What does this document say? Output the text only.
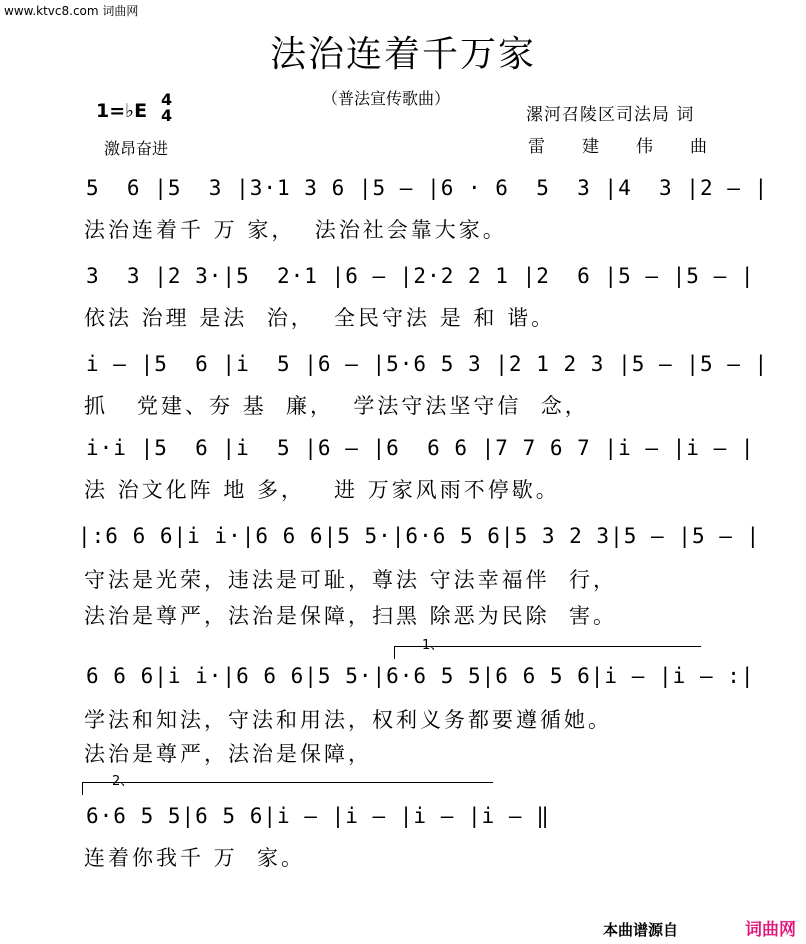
www.ktvc8.com 词曲网
法治连着千万家
（普法宣传歌曲）
1=♭E
4
4
激昂奋进
漯河召陵区司法局 词
雷建伟曲
5  6 |5  3 |3·1 3 6 |5 – |6 · 6  5  3 |4  3 |2 – |
法治连着千 万 家，  法治社会靠大家。
3  3 |2 3·|5  2·1 |6 – |2·2 2 1 |2  6 |5 – |5 – |
依法 治理 是法  治，  全民守法 是 和 谐。
i – |5  6 |i  5 |6 – |5·6 5 3 |2 1 2 3 |5 – |5 – |
抓   党建、夯 基  廉，  学法守法坚守信  念，
i·i |5  6 |i  5 |6 – |6  6 6 |7 7 6 7 |i – |i – |
法 治文化阵 地 多，   进 万家风雨不停歇。
|:6 6 6|i i·|6 6 6|5 5·|6·6 5 6|5 3 2 3|5 – |5 – |
守法是光荣，违法是可耻，尊法 守法幸福伴  行，
法治是尊严，法治是保障，扫黑 除恶为民除  害。
1、
6 6 6|i i·|6 6 6|5 5·|6·6 5 5|6 6 5 6|i – |i – :|
学法和知法，守法和用法，权利义务都要遵循她。
法治是尊严，法治是保障，
2、
6·6 5 5|6 5 6|i – |i – |i – |i – ‖
连着你我千 万  家。
本曲谱源自	词曲网
